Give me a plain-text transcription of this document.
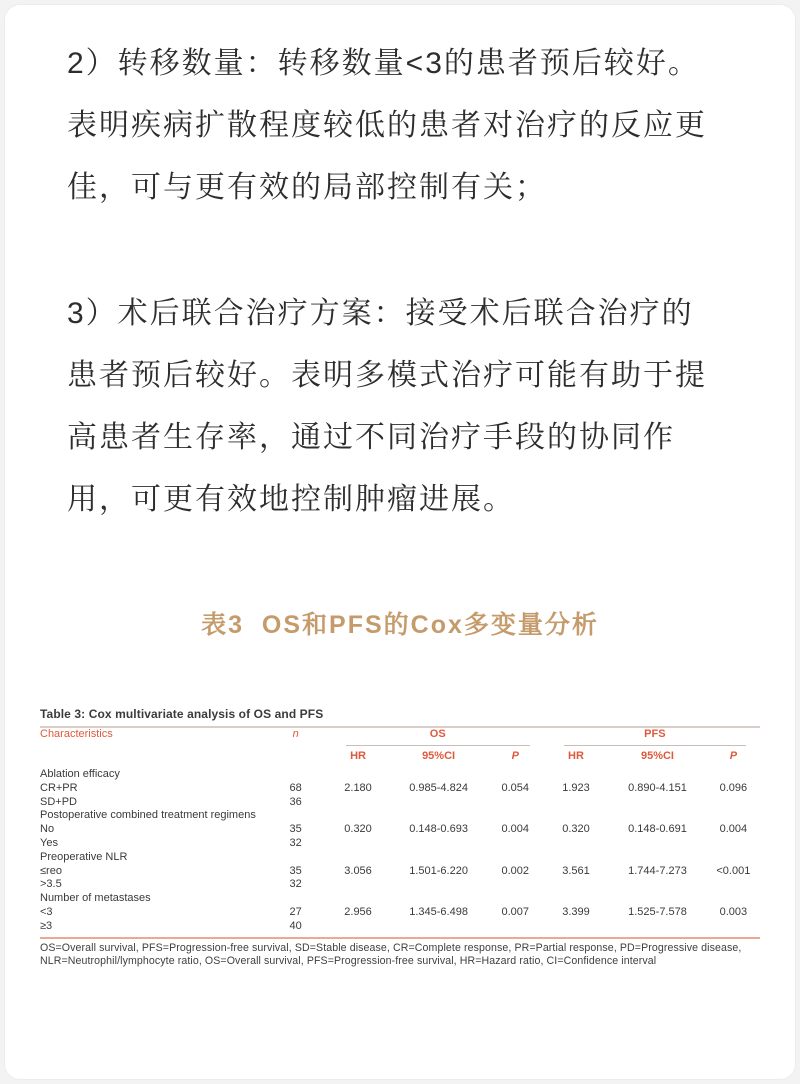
2）转移数量：转移数量<3的患者预后较好。
表明疾病扩散程度较低的患者对治疗的反应更
佳，可与更有效的局部控制有关；

3）术后联合治疗方案：接受术后联合治疗的
患者预后较好。表明多模式治疗可能有助于提
高患者生存率，通过不同治疗手段的协同作
用，可更有效地控制肿瘤进展。

表3  OS和PFS的Cox多变量分析
Table 3: Cox multivariate analysis of OS and PFS
Characteristics	n	OS			PFS		

		HR	95%CI	P	HR	95%CI	P
Ablation efficacy							
CR+PR	68	2.180	0.985-4.824	0.054	1.923	0.890-4.151	0.096
SD+PD	36						
Postoperative combined treatment regimens							
No	35	0.320	0.148-0.693	0.004	0.320	0.148-0.691	0.004
Yes	32						
Preoperative NLR							
≤reo	35	3.056	1.501-6.220	0.002	3.561	1.744-7.273	<0.001
>3.5	32						
Number of metastases							
<3	27	2.956	1.345-6.498	0.007	3.399	1.525-7.578	0.003
≥3	40						
OS=Overall survival, PFS=Progression-free survival, SD=Stable disease, CR=Complete response, PR=Partial response, PD=Progressive disease,
NLR=Neutrophil/lymphocyte ratio, OS=Overall survival, PFS=Progression-free survival, HR=Hazard ratio, CI=Confidence interval
